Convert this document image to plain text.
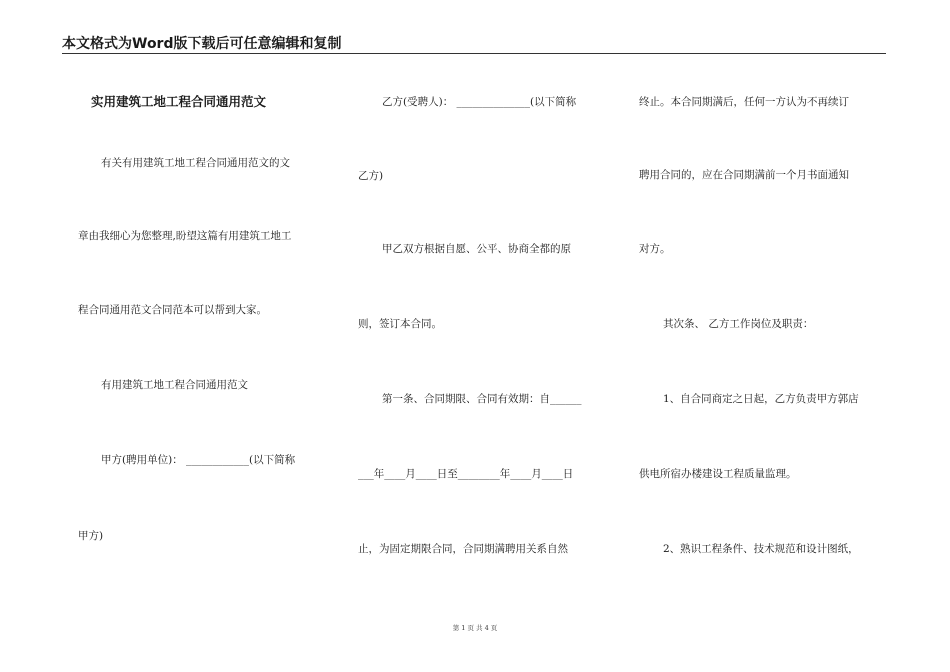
本文格式为Word版下载后可任意编辑和复制
实用建筑工地工程合同通用范文
有关有用建筑工地工程合同通用范文的文
章由我细心为您整理,盼望这篇有用建筑工地工
程合同通用范文合同范本可以帮到大家。
有用建筑工地工程合同通用范文
甲方(聘用单位)： ____________(以下简称
甲方)
乙方(受聘人)： ______________(以下简称
乙方)
甲乙双方根据自愿、公平、协商全都的原
则，签订本合同。
第一条、合同期限、合同有效期：自______
___年____月____日至________年____月____日
止，为固定期限合同，合同期满聘用关系自然
终止。本合同期满后，任何一方认为不再续订
聘用合同的，应在合同期满前一个月书面通知
对方。
其次条、 乙方工作岗位及职责：
1、自合同商定之日起，乙方负责甲方郭店
供电所宿办楼建设工程质量监理。
2、熟识工程条件、技术规范和设计图纸，
第 1 页 共 4 页
